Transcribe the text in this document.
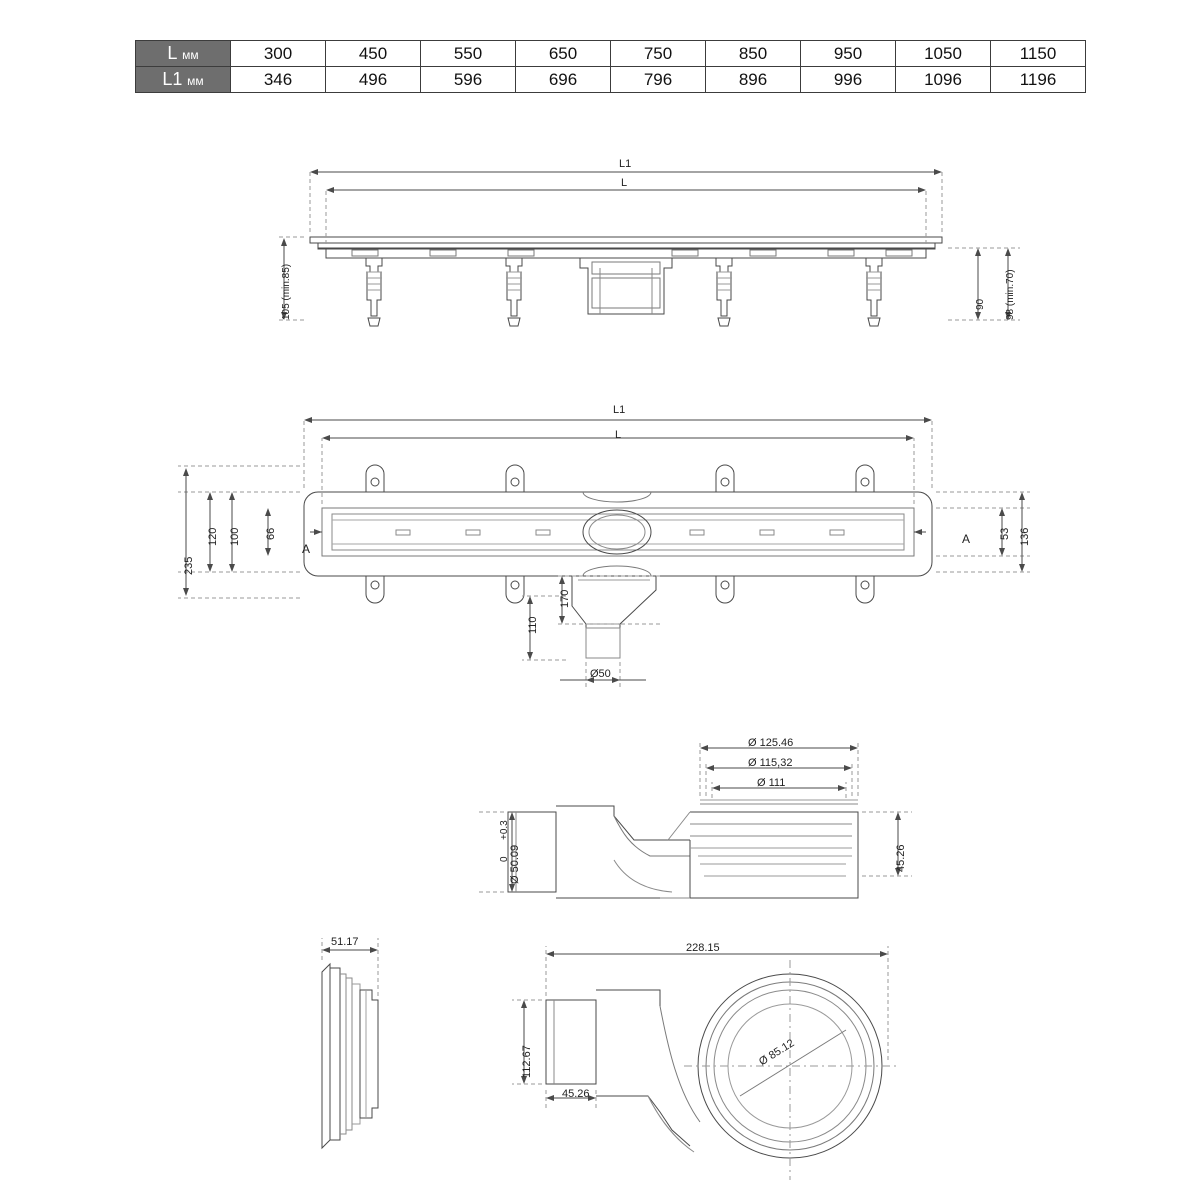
L мм	300	450	550	650	750	850	950	1050	1150
L1 мм	346	496	596	696	796	896	996	1096	1196
L1
L
105 (min.85)	90 98 (min.70)
L1
L
235
120 100 66	53 136
110
170
Ø50
A
A
Ø 125.46
Ø 115,32
Ø 111
Ø 50.09
+0.3
0	45.26
51.17	228.15
112.67
45.26
Ø 85.12
